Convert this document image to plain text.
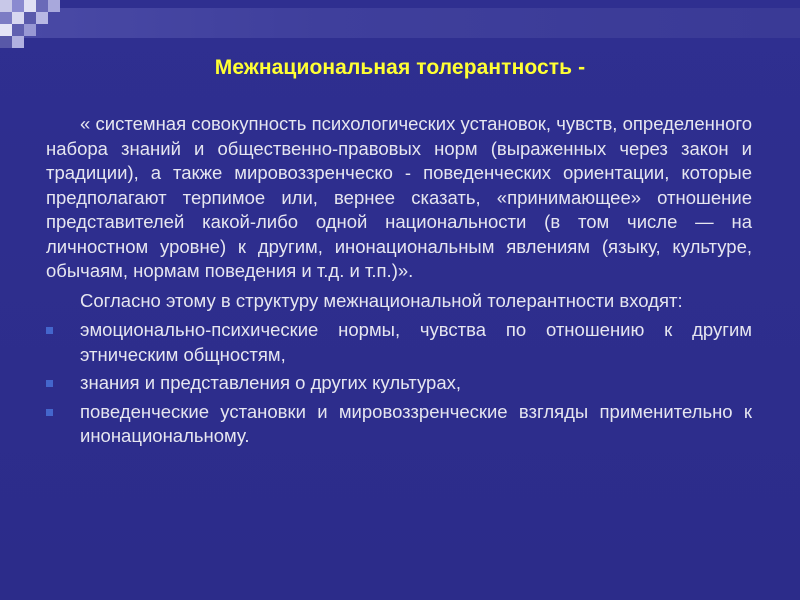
Межнациональная толерантность -

« системная совокупность психологических установок, чувств, определенного набора знаний и общественно-правовых норм (выраженных через закон и традиции), а также мировоззренческо - поведенческих ориентации, которые предполагают терпимое или, вернее сказать, «принимающее» отношение представителей какой-либо одной национальности (в том числе — на личностном уровне) к другим, инонациональным явлениям (языку, культуре, обычаям, нормам поведения и т.д. и т.п.)».

Согласно этому в структуру межнациональной толерантности входят:

эмоционально-психические нормы, чувства по отношению к другим этническим общностям,
знания и представления о других культурах,
поведенческие установки и мировоззренческие взгляды применительно к инонациональному.
